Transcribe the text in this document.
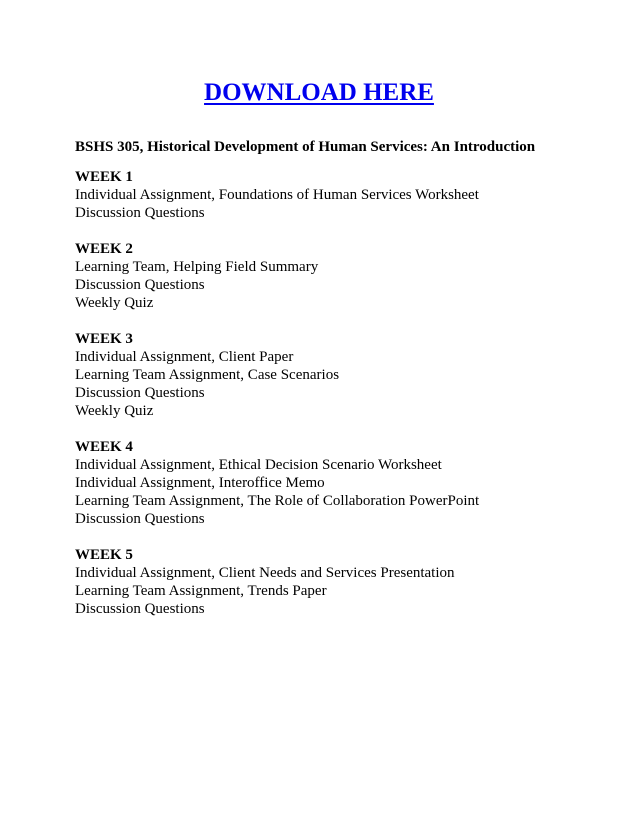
DOWNLOAD HERE
BSHS 305, Historical Development of Human Services: An Introduction
WEEK 1
Individual Assignment, Foundations of Human Services Worksheet
Discussion Questions
WEEK 2
Learning Team, Helping Field Summary
Discussion Questions
Weekly Quiz
WEEK 3
Individual Assignment, Client Paper
Learning Team Assignment, Case Scenarios
Discussion Questions
Weekly Quiz
WEEK 4
Individual Assignment, Ethical Decision Scenario Worksheet
Individual Assignment, Interoffice Memo
Learning Team Assignment, The Role of Collaboration PowerPoint
Discussion Questions
WEEK 5
Individual Assignment, Client Needs and Services Presentation
Learning Team Assignment, Trends Paper
Discussion Questions
